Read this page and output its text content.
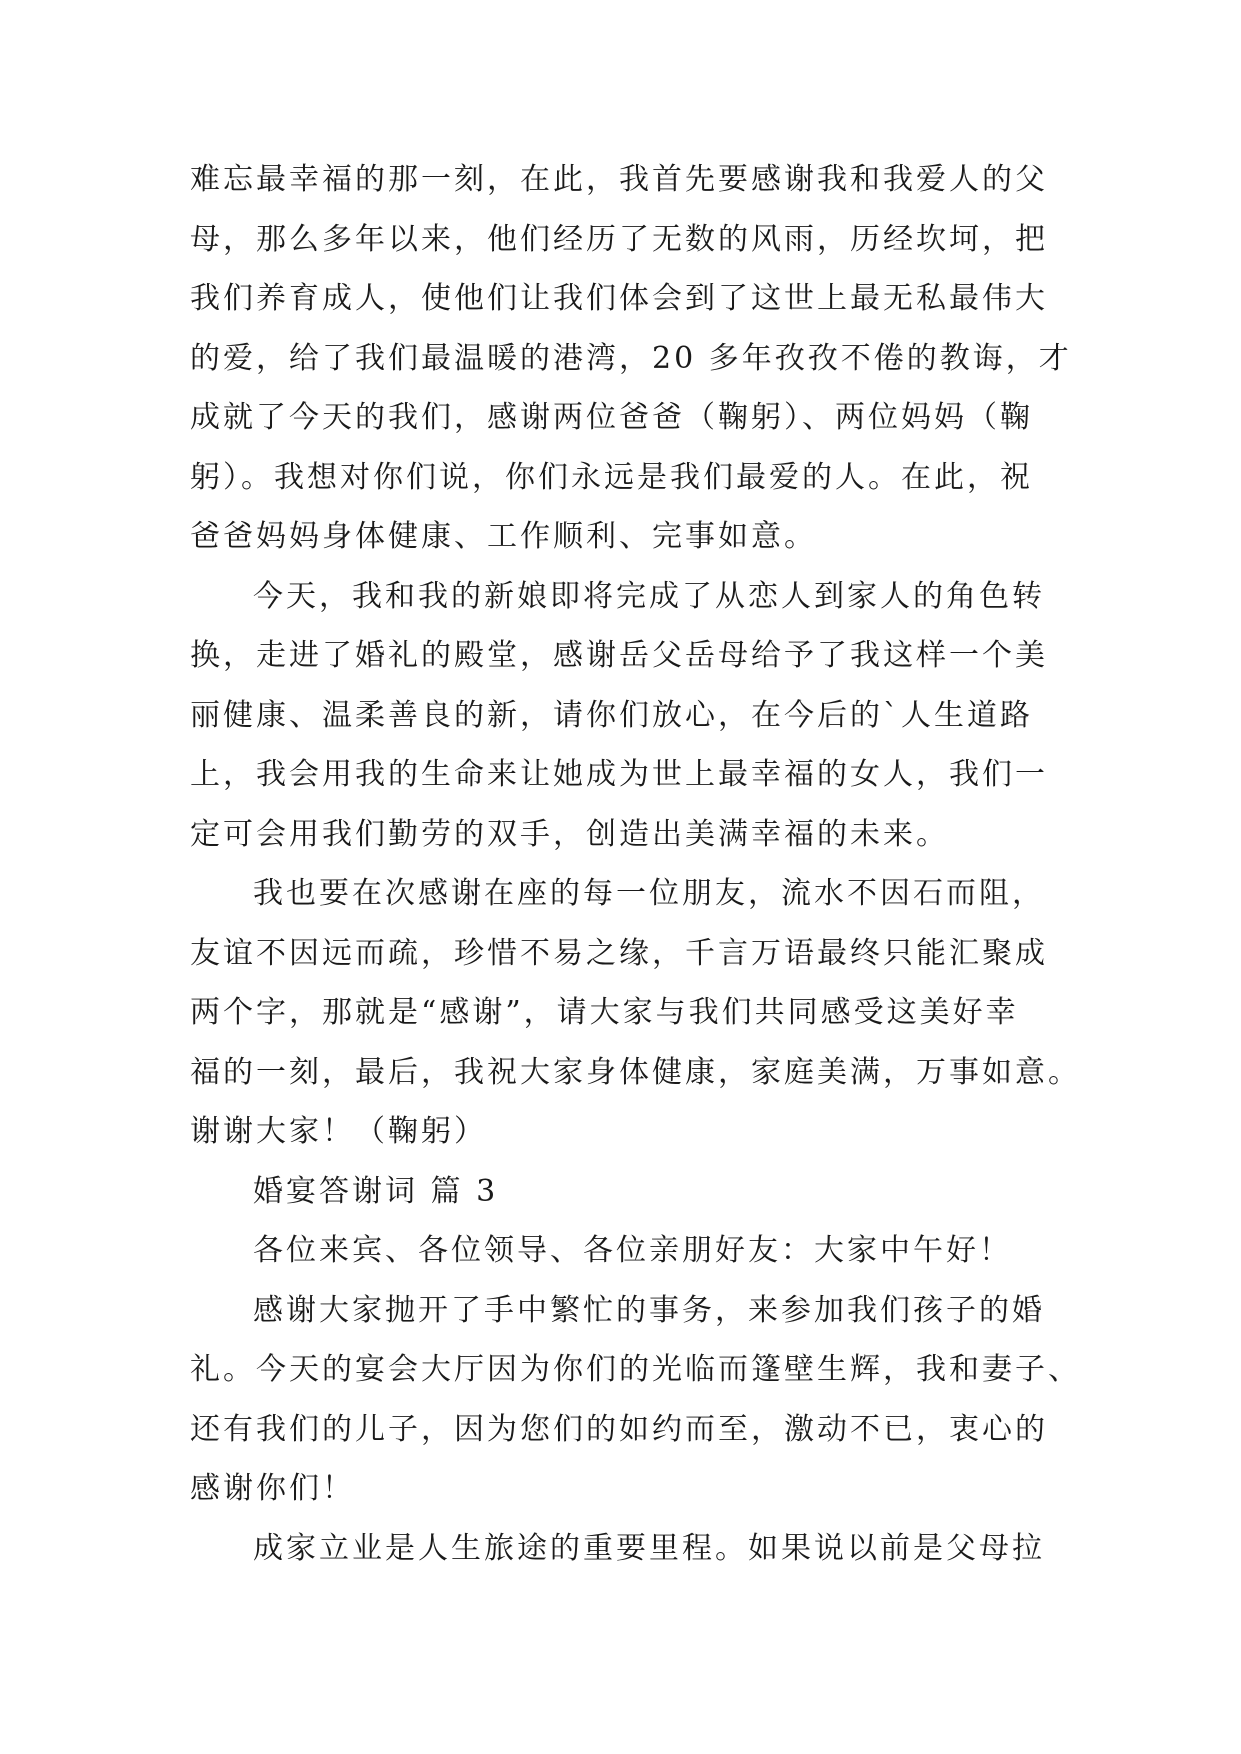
难忘最幸福的那一刻，在此，我首先要感谢我和我爱人的父
母，那么多年以来，他们经历了无数的风雨，历经坎坷，把
我们养育成人，使他们让我们体会到了这世上最无私最伟大
的爱，给了我们最温暖的港湾，20 多年孜孜不倦的教诲，才
成就了今天的我们，感谢两位爸爸（鞠躬）、两位妈妈（鞠
躬）。我想对你们说，你们永远是我们最爱的人。在此，祝
爸爸妈妈身体健康、工作顺利、完事如意。

今天，我和我的新娘即将完成了从恋人到家人的角色转
换，走进了婚礼的殿堂，感谢岳父岳母给予了我这样一个美
丽健康、温柔善良的新，请你们放心，在今后的`人生道路
上，我会用我的生命来让她成为世上最幸福的女人，我们一
定可会用我们勤劳的双手，创造出美满幸福的未来。

我也要在次感谢在座的每一位朋友，流水不因石而阻，
友谊不因远而疏，珍惜不易之缘，千言万语最终只能汇聚成
两个字，那就是“感谢”，请大家与我们共同感受这美好幸
福的一刻，最后，我祝大家身体健康，家庭美满，万事如意。
谢谢大家！（鞠躬）

婚宴答谢词 篇 3

各位来宾、各位领导、各位亲朋好友：大家中午好！

感谢大家抛开了手中繁忙的事务，来参加我们孩子的婚
礼。今天的宴会大厅因为你们的光临而篷壁生辉，我和妻子、
还有我们的儿子，因为您们的如约而至，激动不已，衷心的
感谢你们！

成家立业是人生旅途的重要里程。如果说以前是父母拉
